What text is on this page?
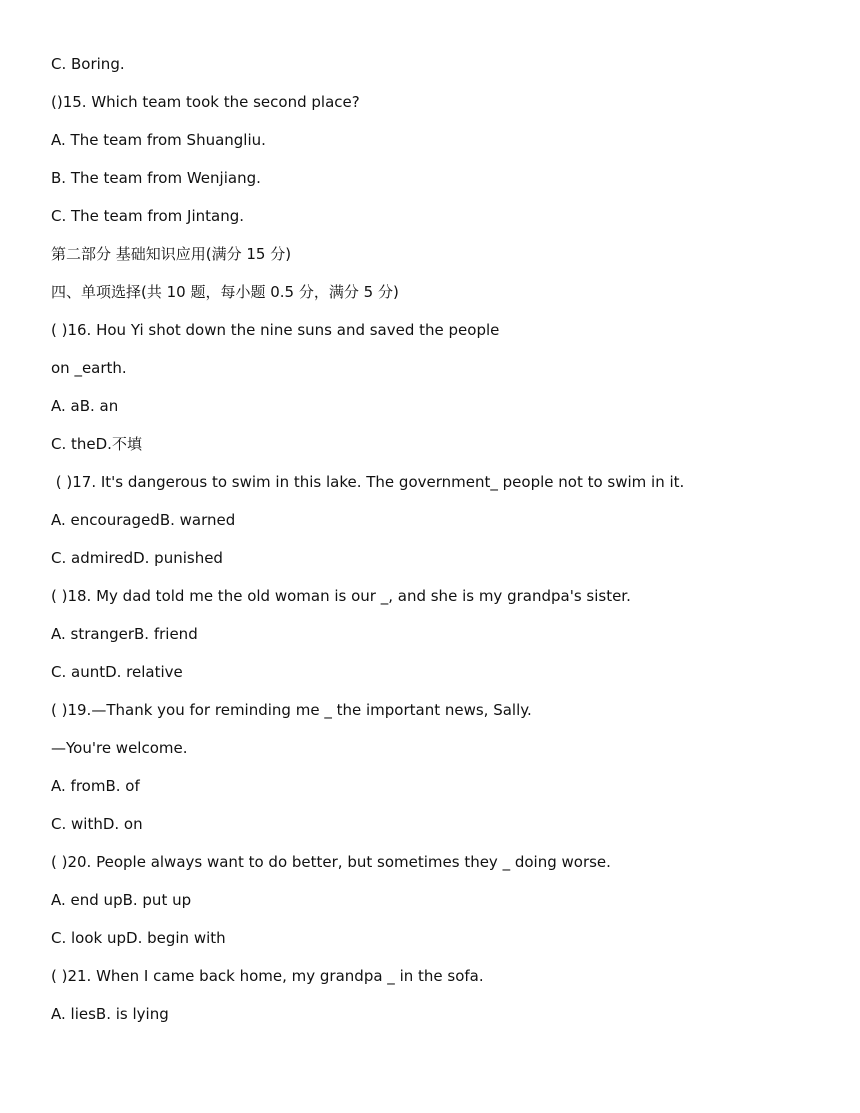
C. Boring.
()15. Which team took the second place?
A. The team from Shuangliu.
B. The team from Wenjiang.
C. The team from Jintang.
第二部分 基础知识应用(满分 15 分)
四、单项选择(共 10 题，每小题 0.5 分，满分 5 分)
( )16. Hou Yi shot down the nine suns and saved the people
on _earth.
A. aB. an
C. theD.不填
( )17. It's dangerous to swim in this lake. The government_ people not to swim in it.
A. encouragedB. warned
C. admiredD. punished
( )18. My dad told me the old woman is our _, and she is my grandpa's sister.
A. strangerB. friend
C. auntD. relative
( )19.—Thank you for reminding me _ the important news, Sally.
—You're welcome.
A. fromB. of
C. withD. on
( )20. People always want to do better, but sometimes they _ doing worse.
A. end upB. put up
C. look upD. begin with
( )21. When I came back home, my grandpa _ in the sofa.
A. liesB. is lying
